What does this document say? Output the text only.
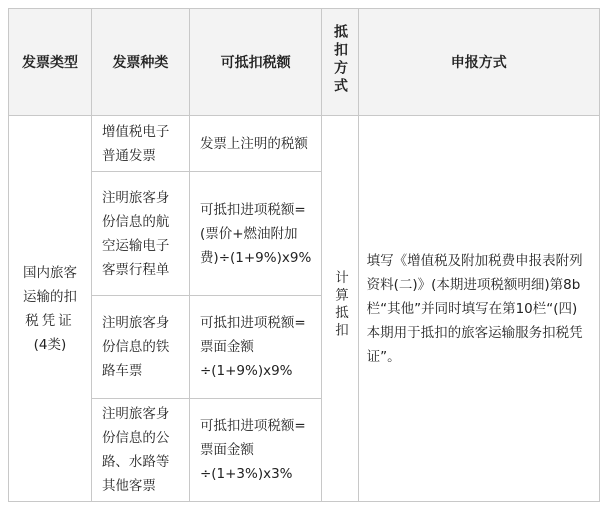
发票类型	发票种类	可抵扣税额	抵扣方式	申报方式

国内旅客
运输的扣
税凭证
(4类)	增值税电子普通发票	发票上注明的税额	计算抵扣	填写《增值税及附加税费申报表附列资料(二)》(本期进项税额明细)第8b栏“其他”并同时填写在第10栏“(四)本期用于抵扣的旅客运输服务扣税凭证”。
	注明旅客身份信息的航空运输电子客票行程单	可抵扣进项税额=(票价+燃油附加费)÷(1+9%)x9%		
	注明旅客身份信息的铁路车票	可抵扣进项税额=票面金额÷(1+9%)x9%		
	注明旅客身份信息的公路、水路等其他客票	可抵扣进项税额=票面金额÷(1+3%)x3%		
